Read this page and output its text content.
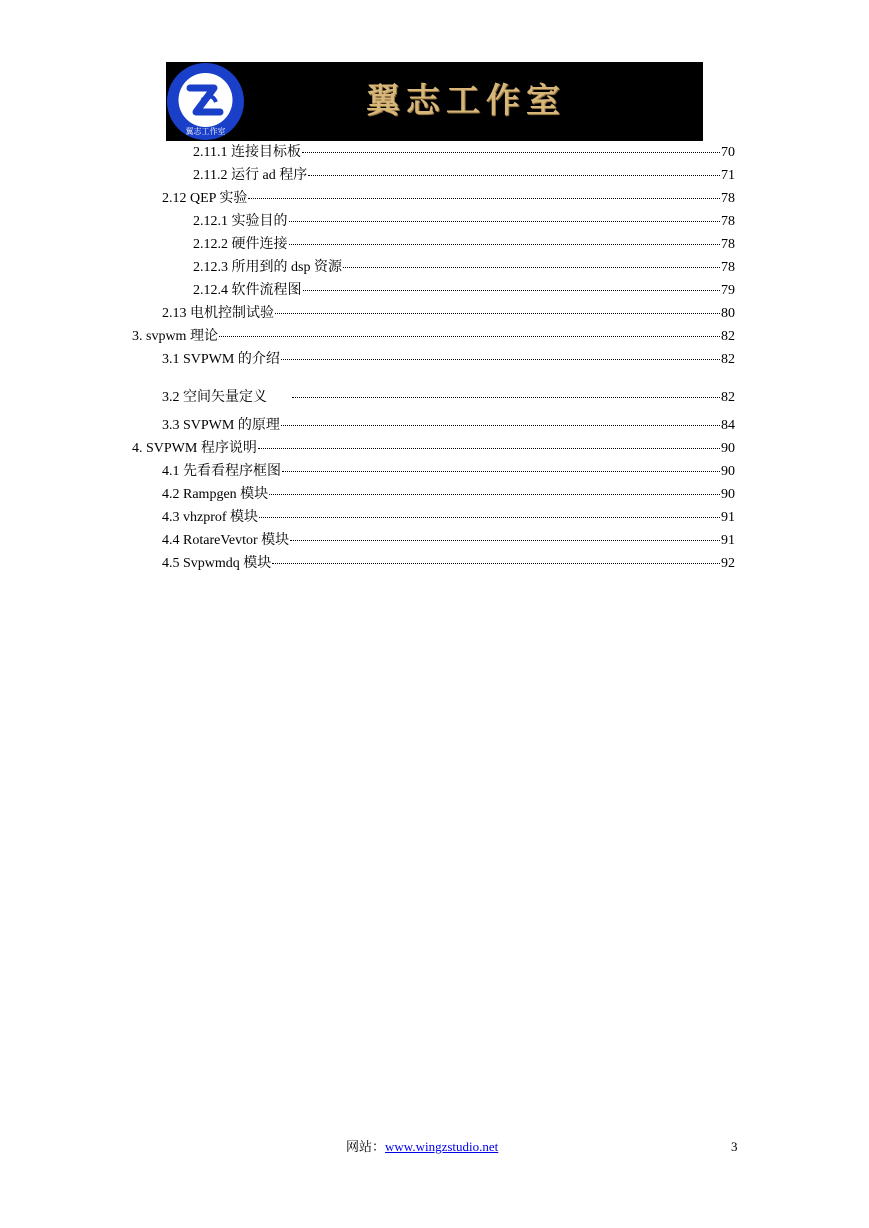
翼志工作室
翼志工作室
2.11.1 连接目标板	70
2.11.2 运行 ad 程序	71
2.12 QEP 实验	78
2.12.1 实验目的	78
2.12.2 硬件连接	78
2.12.3 所用到的 dsp 资源	78
2.12.4 软件流程图	79
2.13 电机控制试验	80
3. svpwm 理论	82
3.1 SVPWM 的介绍	82
3.2 空间矢量定义	82
3.3 SVPWM 的原理	84
4. SVPWM 程序说明	90
4.1 先看看程序框图	90
4.2 Rampgen 模块	90
4.3 vhzprof 模块	91
4.4 RotareVevtor 模块	91
4.5 Svpwmdq 模块	92
网站：www.wingzstudio.net	3
